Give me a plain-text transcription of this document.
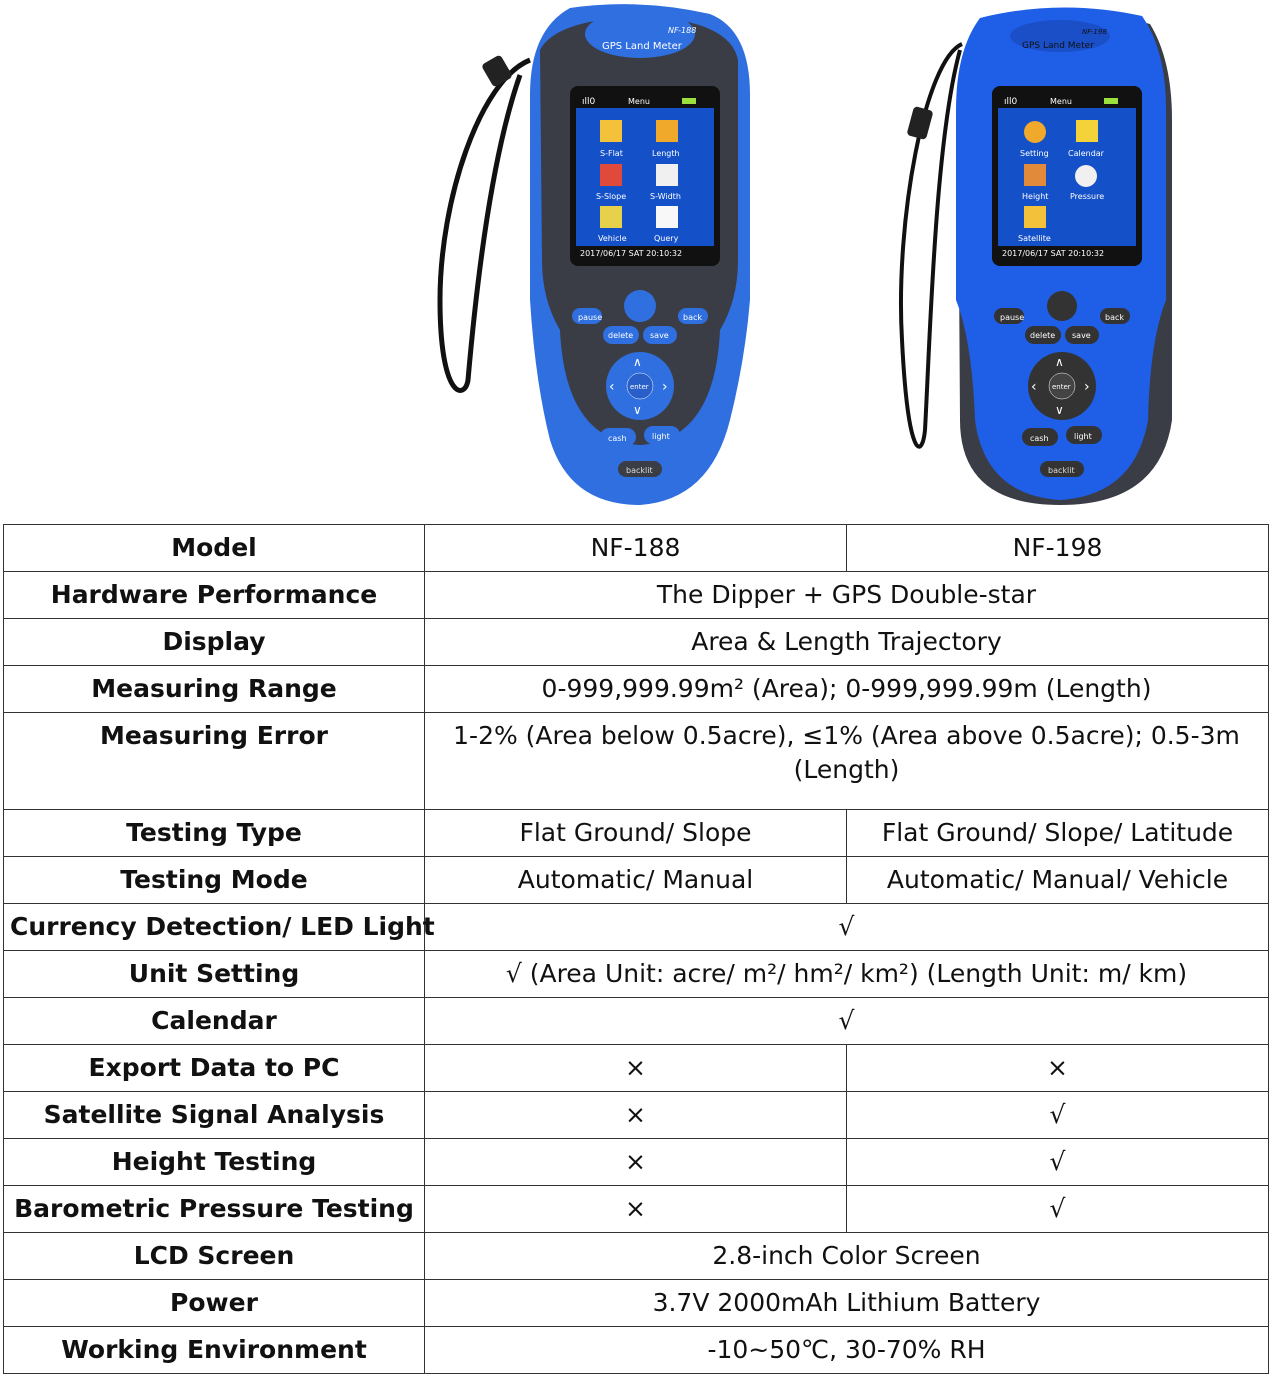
NF-188
GPS Land Meter
ıll0	Menu
S-Flat	Length
S-Slope	S-Width
Vehicle	Query
2017/06/17 SAT 20:10:32
pause	back
delete save
enter
∧
∨
‹	›
cash	light
backlit
NF-198
GPS Land Meter
ıll0	Menu
Setting Calendar
Height	Pressure
Satellite
2017/06/17 SAT 20:10:32
pause	back
delete save
enter
∧
∨
‹	›
cash	light
backlit
Model	NF-188	NF-198
Hardware Performance	The Dipper + GPS Double-star	
Display	Area & Length Trajectory	
Measuring Range	0-999,999.99m² (Area); 0-999,999.99m (Length)	
Measuring Error	1-2% (Area below 0.5acre), ≤1% (Area above 0.5acre); 0.5-3m (Length)	
Testing Type	Flat Ground/ Slope	Flat Ground/ Slope/ Latitude
Testing Mode	Automatic/ Manual	Automatic/ Manual/ Vehicle
Currency Detection/ LED Light	√	
Unit Setting	√ (Area Unit: acre/ m²/ hm²/ km²) (Length Unit: m/ km)	
Calendar	√	
Export Data to PC	×	×
Satellite Signal Analysis	×	√
Height Testing	×	√
Barometric Pressure Testing	×	√
LCD Screen	2.8-inch Color Screen	
Power	3.7V 2000mAh Lithium Battery	
Working Environment	-10~50℃, 30-70% RH	
